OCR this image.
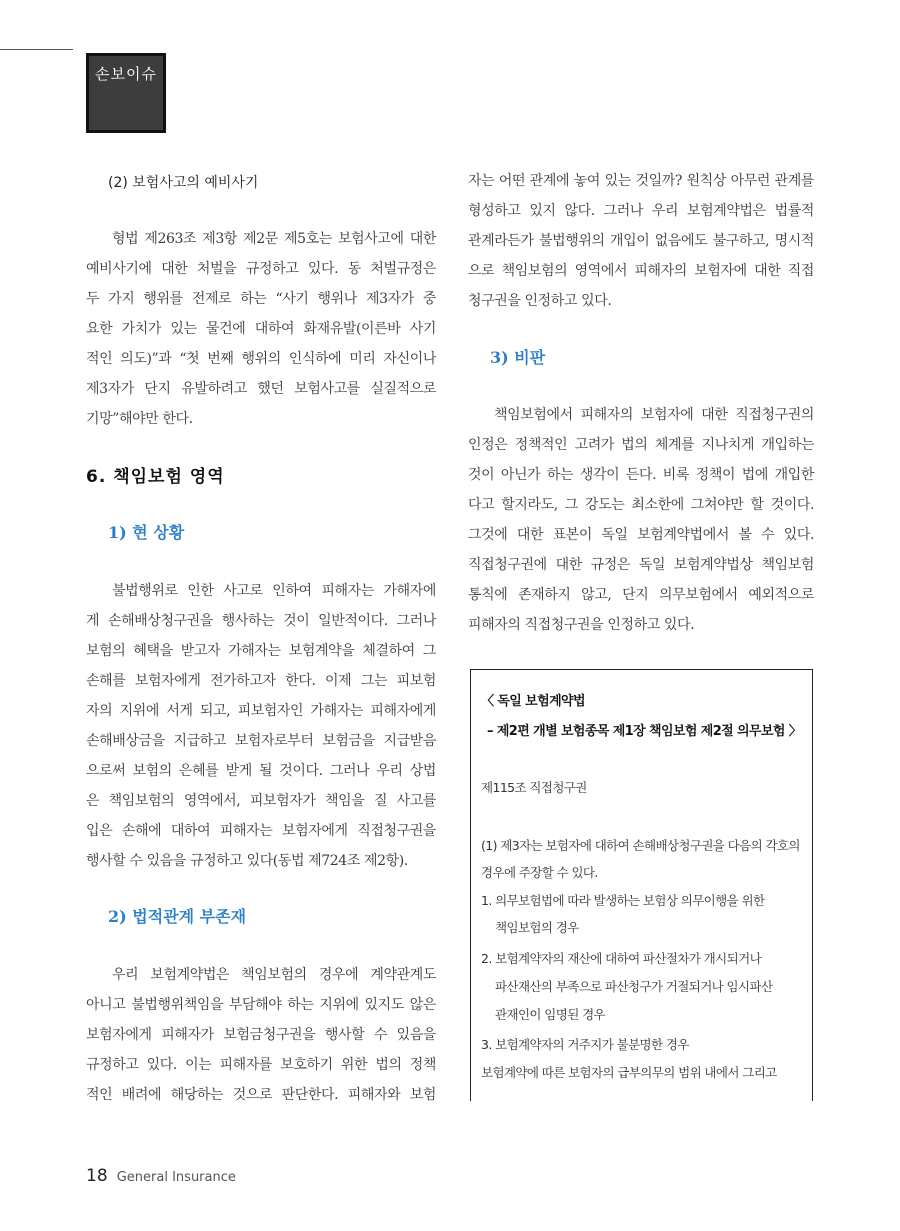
손보이슈
(2) 보험사고의 예비사기

형법 제263조 제3항 제2문 제5호는 보험사고에 대한
예비사기에 대한 처벌을 규정하고 있다. 동 처벌규정은
두 가지 행위를 전제로 하는 “사기 행위나 제3자가 중
요한 가치가 있는 물건에 대하여 화재유발(이른바 사기
적인 의도)”과 “첫 번째 행위의 인식하에 미리 자신이나
제3자가 단지 유발하려고 했던 보험사고를 실질적으로
기망”해야만 한다.

6. 책임보험 영역
1) 현 상황

불법행위로 인한 사고로 인하여 피해자는 가해자에
게 손해배상청구권을 행사하는 것이 일반적이다. 그러나
보험의 혜택을 받고자 가해자는 보험계약을 체결하여 그
손해를 보험자에게 전가하고자 한다. 이제 그는 피보험
자의 지위에 서게 되고, 피보험자인 가해자는 피해자에게
손해배상금을 지급하고 보험자로부터 보험금을 지급받음
으로써 보험의 은혜를 받게 될 것이다. 그러나 우리 상법
은 책임보험의 영역에서, 피보험자가 책임을 질 사고를
입은 손해에 대하여 피해자는 보험자에게 직접청구권을
행사할 수 있음을 규정하고 있다(동법 제724조 제2항).

2) 법적관계 부존재

우리 보험계약법은 책임보험의 경우에 계약관계도
아니고 불법행위책임을 부담해야 하는 지위에 있지도 않은
보험자에게 피해자가 보험금청구권을 행사할 수 있음을
규정하고 있다. 이는 피해자를 보호하기 위한 법의 정책
적인 배려에 해당하는 것으로 판단한다. 피해자와 보험

자는 어떤 관계에 놓여 있는 것일까? 원칙상 아무런 관계를
형성하고 있지 않다. 그러나 우리 보험계약법은 법률적
관계라든가 불법행위의 개입이 없음에도 불구하고, 명시적
으로 책임보험의 영역에서 피해자의 보험자에 대한 직접
청구권을 인정하고 있다.

3) 비판

책임보험에서 피해자의 보험자에 대한 직접청구권의
인정은 정책적인 고려가 법의 체계를 지나치게 개입하는
것이 아닌가 하는 생각이 든다. 비록 정책이 법에 개입한
다고 할지라도, 그 강도는 최소한에 그쳐야만 할 것이다.
그것에 대한 표본이 독일 보험계약법에서 볼 수 있다.
직접청구권에 대한 규정은 독일 보험계약법상 책임보험
통칙에 존재하지 않고, 단지 의무보험에서 예외적으로
피해자의 직접청구권을 인정하고 있다.

〈 독일 보험계약법
– 제2편 개별 보험종목 제1장 책임보험 제2절 의무보험 〉
제115조 직접청구권
(1) 제3자는 보험자에 대하여 손해배상청구권을 다음의 각호의
경우에 주장할 수 있다.
1. 의무보험법에 따라 발생하는 보험상 의무이행을 위한
책임보험의 경우
2. 보험계약자의 재산에 대하여 파산절차가 개시되거나
파산재산의 부족으로 파산청구가 거절되거나 임시파산
관재인이 임명된 경우
3. 보험계약자의 거주지가 불분명한 경우
보험계약에 따른 보험자의 급부의무의 범위 내에서 그리고
18 General Insurance
